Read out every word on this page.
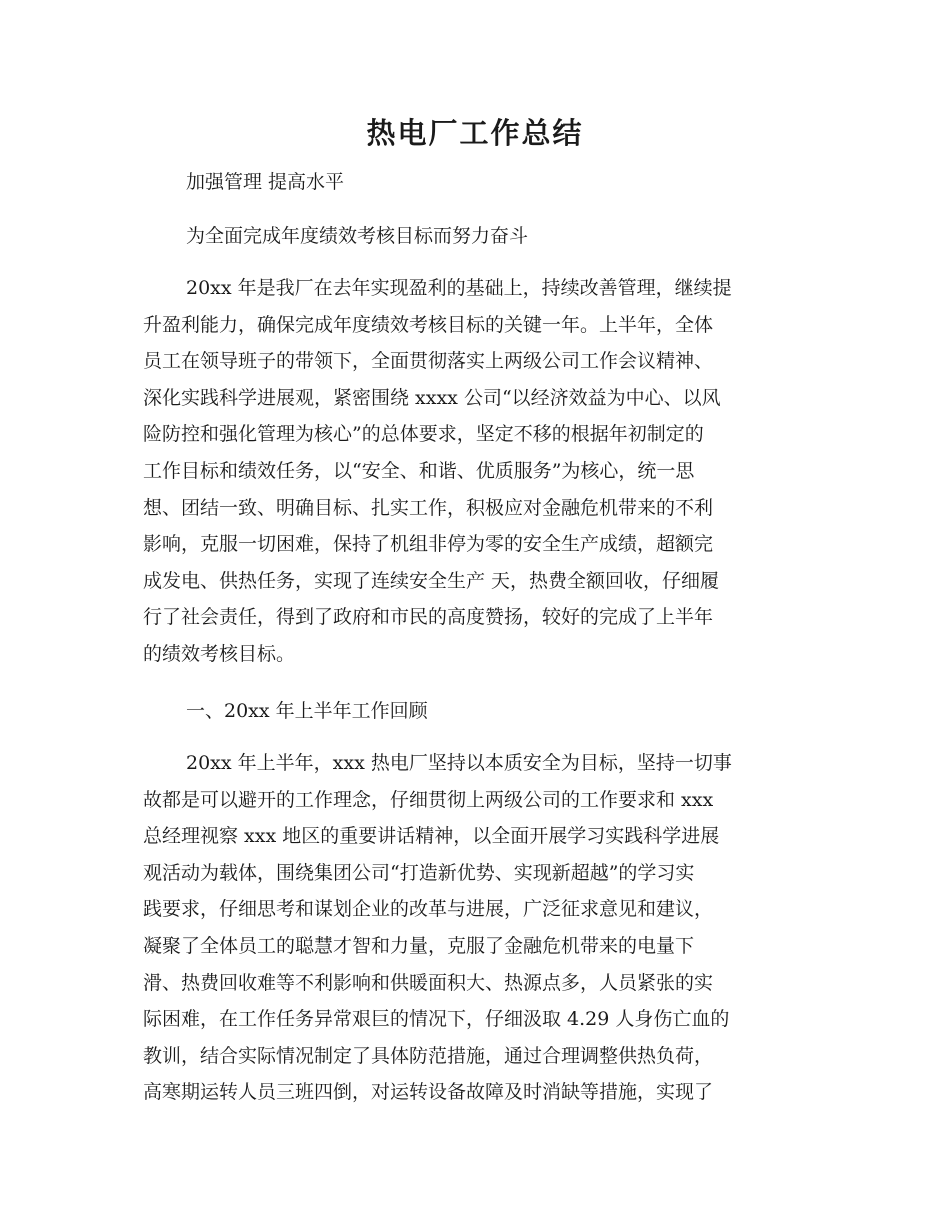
热电厂工作总结

加强管理 提高水平

为全面完成年度绩效考核目标而努力奋斗

20xx 年是我厂在去年实现盈利的基础上，持续改善管理，继续提
升盈利能力，确保完成年度绩效考核目标的关键一年。上半年，全体
员工在领导班子的带领下，全面贯彻落实上两级公司工作会议精神、
深化实践科学进展观，紧密围绕 xxxx 公司“以经济效益为中心、以风
险防控和强化管理为核心”的总体要求，坚定不移的根据年初制定的
工作目标和绩效任务，以“安全、和谐、优质服务”为核心，统一思
想、团结一致、明确目标、扎实工作，积极应对金融危机带来的不利
影响，克服一切困难，保持了机组非停为零的安全生产成绩，超额完
成发电、供热任务，实现了连续安全生产 天，热费全额回收，仔细履
行了社会责任，得到了政府和市民的高度赞扬，较好的完成了上半年
的绩效考核目标。

一、20xx 年上半年工作回顾

20xx 年上半年，xxx 热电厂坚持以本质安全为目标，坚持一切事
故都是可以避开的工作理念，仔细贯彻上两级公司的工作要求和 xxx
总经理视察 xxx 地区的重要讲话精神，以全面开展学习实践科学进展
观活动为载体，围绕集团公司“打造新优势、实现新超越”的学习实
践要求，仔细思考和谋划企业的改革与进展，广泛征求意见和建议，
凝聚了全体员工的聪慧才智和力量，克服了金融危机带来的电量下
滑、热费回收难等不利影响和供暖面积大、热源点多，人员紧张的实
际困难，在工作任务异常艰巨的情况下，仔细汲取 4.29 人身伤亡血的
教训，结合实际情况制定了具体防范措施，通过合理调整供热负荷，
高寒期运转人员三班四倒，对运转设备故障及时消缺等措施，实现了
